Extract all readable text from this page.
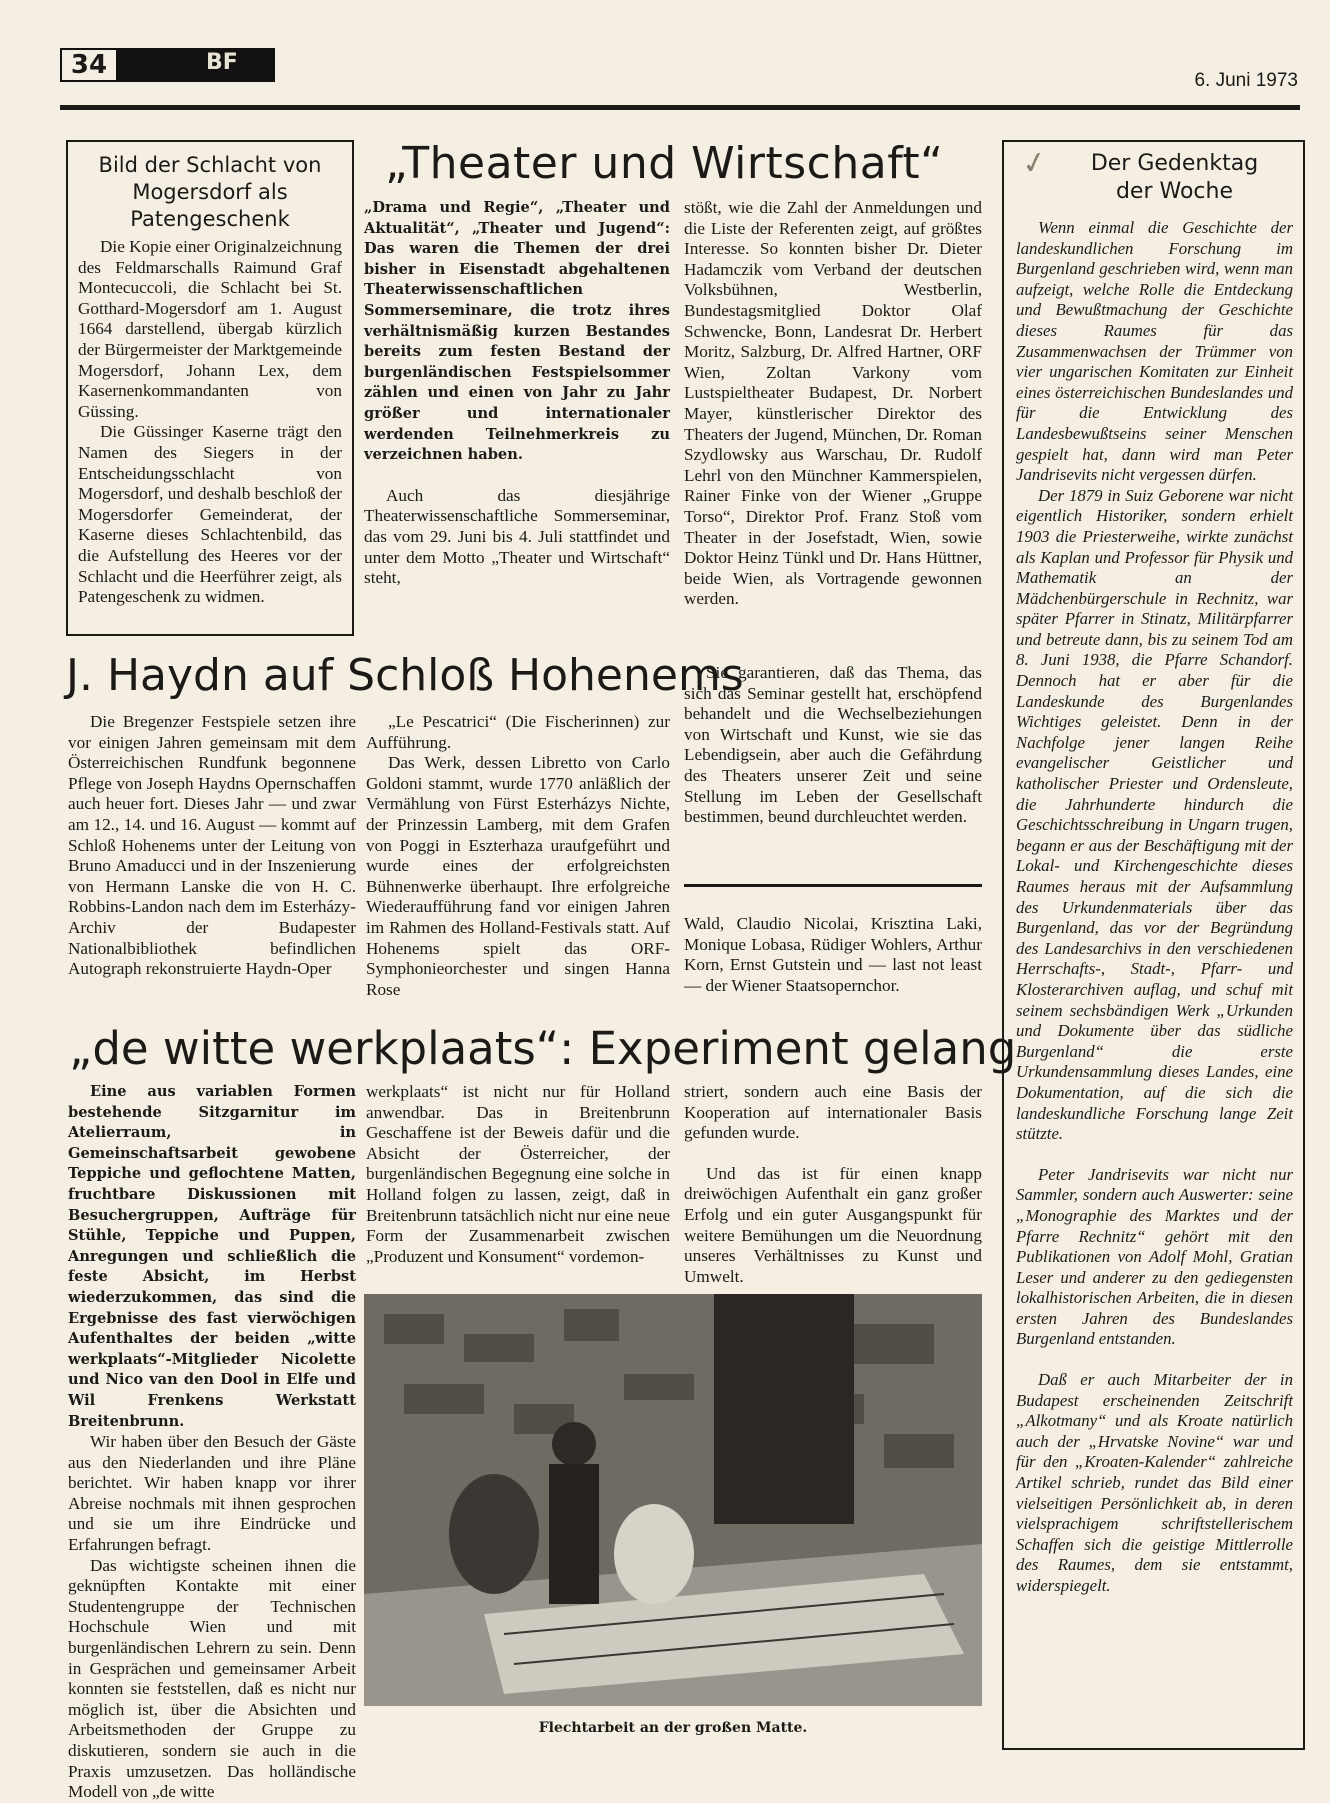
34	BF
6. Juni 1973
Bild der Schlacht von Mogersdorf als Patengeschenk

Die Kopie einer Originalzeichnung des Feldmarschalls Raimund Graf Montecuccoli, die Schlacht bei St. Gotthard-Mogersdorf am 1. August 1664 darstellend, übergab kürzlich der Bürgermeister der Marktgemeinde Mogersdorf, Johann Lex, dem Kasernenkommandanten von Güssing.

Die Güssinger Kaserne trägt den Namen des Siegers in der Entscheidungsschlacht von Mogersdorf, und deshalb beschloß der Mogersdorfer Gemeinderat, der Kaserne dieses Schlachtenbild, das die Aufstellung des Heeres vor der Schlacht und die Heerführer zeigt, als Patengeschenk zu widmen.

„Theater und Wirtschaft“

„Drama und Regie“, „Theater und Aktualität“, „Theater und Jugend“: Das waren die Themen der drei bisher in Eisenstadt abgehaltenen Theaterwissenschaftlichen Sommerseminare, die trotz ihres verhältnismäßig kurzen Bestandes bereits zum festen Bestand der burgenländischen Festspielsommer zählen und einen von Jahr zu Jahr größer und internationaler werdenden Teilnehmerkreis zu verzeichnen haben.

Auch das diesjährige Theaterwissenschaftliche Sommerseminar, das vom 29. Juni bis 4. Juli stattfindet und unter dem Motto „Theater und Wirtschaft“ steht,

stößt, wie die Zahl der Anmeldungen und die Liste der Referenten zeigt, auf größtes Interesse. So konnten bisher Dr. Dieter Hadamczik vom Verband der deutschen Volksbühnen, Westberlin, Bundestagsmitglied Doktor Olaf Schwencke, Bonn, Landesrat Dr. Herbert Moritz, Salzburg, Dr. Alfred Hartner, ORF Wien, Zoltan Varkony vom Lustspieltheater Budapest, Dr. Norbert Mayer, künstlerischer Direktor des Theaters der Jugend, München, Dr. Roman Szydlowsky aus Warschau, Dr. Rudolf Lehrl von den Münchner Kammerspielen, Rainer Finke von der Wiener „Gruppe Torso“, Direktor Prof. Franz Stoß vom Theater in der Josefstadt, Wien, sowie Doktor Heinz Tünkl und Dr. Hans Hüttner, beide Wien, als Vortragende gewonnen werden.

J. Haydn auf Schloß Hohenems

Die Bregenzer Festspiele setzen ihre vor einigen Jahren gemeinsam mit dem Österreichischen Rundfunk begonnene Pflege von Joseph Haydns Opernschaffen auch heuer fort. Dieses Jahr — und zwar am 12., 14. und 16. August — kommt auf Schloß Hohenems unter der Leitung von Bruno Amaducci und in der Inszenierung von Hermann Lanske die von H. C. Robbins-Landon nach dem im Esterházy-Archiv der Budapester Nationalbibliothek befindlichen Autograph rekonstruierte Haydn-Oper

„Le Pescatrici“ (Die Fischerinnen) zur Aufführung.

Das Werk, dessen Libretto von Carlo Goldoni stammt, wurde 1770 anläßlich der Vermählung von Fürst Esterházys Nichte, der Prinzessin Lamberg, mit dem Grafen von Poggi in Eszterhaza uraufgeführt und wurde eines der erfolgreichsten Bühnenwerke überhaupt. Ihre erfolgreiche Wiederaufführung fand vor einigen Jahren im Rahmen des Holland-Festivals statt. Auf Hohenems spielt das ORF-Symphonieorchester und singen Hanna Rose

Sie garantieren, daß das Thema, das sich das Seminar gestellt hat, erschöpfend behandelt und die Wechselbeziehungen von Wirtschaft und Kunst, wie sie das Lebendigsein, aber auch die Gefährdung des Theaters unserer Zeit und seine Stellung im Leben der Gesellschaft bestimmen, beund durchleuchtet werden.

Wald, Claudio Nicolai, Krisztina Laki, Monique Lobasa, Rüdiger Wohlers, Arthur Korn, Ernst Gutstein und — last not least — der Wiener Staatsopernchor.

„de witte werkplaats“: Experiment gelang

Eine aus variablen Formen bestehende Sitzgarnitur im Atelierraum, in Gemeinschaftsarbeit gewobene Teppiche und geflochtene Matten, fruchtbare Diskussionen mit Besuchergruppen, Aufträge für Stühle, Teppiche und Puppen, Anregungen und schließlich die feste Absicht, im Herbst wiederzukommen, das sind die Ergebnisse des fast vierwöchigen Aufenthaltes der beiden „witte werkplaats“-Mitglieder Nicolette und Nico van den Dool in Elfe und Wil Frenkens Werkstatt Breitenbrunn.

Wir haben über den Besuch der Gäste aus den Niederlanden und ihre Pläne berichtet. Wir haben knapp vor ihrer Abreise nochmals mit ihnen gesprochen und sie um ihre Eindrücke und Erfahrungen befragt.

Das wichtigste scheinen ihnen die geknüpften Kontakte mit einer Studentengruppe der Technischen Hochschule Wien und mit burgenländischen Lehrern zu sein. Denn in Gesprächen und gemeinsamer Arbeit konnten sie feststellen, daß es nicht nur möglich ist, über die Absichten und Arbeitsmethoden der Gruppe zu diskutieren, sondern sie auch in die Praxis umzusetzen. Das holländische Modell von „de witte

werkplaats“ ist nicht nur für Holland anwendbar. Das in Breitenbrunn Geschaffene ist der Beweis dafür und die Absicht der Österreicher, der burgenländischen Begegnung eine solche in Holland folgen zu lassen, zeigt, daß in Breitenbrunn tatsächlich nicht nur eine neue Form der Zusammenarbeit zwischen „Produzent und Konsument“ vordemon-

striert, sondern auch eine Basis der Kooperation auf internationaler Basis gefunden wurde.

Und das ist für einen knapp dreiwöchigen Aufenthalt ein ganz großer Erfolg und ein guter Ausgangspunkt für weitere Bemühungen um die Neuordnung unseres Verhältnisses zu Kunst und Umwelt.

Flechtarbeit an der großen Matte.
✓	Der Gedenktag
der Woche

Wenn einmal die Geschichte der landeskundlichen Forschung im Burgenland geschrieben wird, wenn man aufzeigt, welche Rolle die Entdeckung und Bewußtmachung der Geschichte dieses Raumes für das Zusammenwachsen der Trümmer von vier ungarischen Komitaten zur Einheit eines österreichischen Bundeslandes und für die Entwicklung des Landesbewußtseins seiner Menschen gespielt hat, dann wird man Peter Jandrisevits nicht vergessen dürfen.

Der 1879 in Suiz Geborene war nicht eigentlich Historiker, sondern erhielt 1903 die Priesterweihe, wirkte zunächst als Kaplan und Professor für Physik und Mathematik an der Mädchenbürgerschule in Rechnitz, war später Pfarrer in Stinatz, Militärpfarrer und betreute dann, bis zu seinem Tod am 8. Juni 1938, die Pfarre Schandorf. Dennoch hat er aber für die Landeskunde des Burgenlandes Wichtiges geleistet. Denn in der Nachfolge jener langen Reihe evangelischer Geistlicher und katholischer Priester und Ordensleute, die Jahrhunderte hindurch die Geschichtsschreibung in Ungarn trugen, begann er aus der Beschäftigung mit der Lokal- und Kirchengeschichte dieses Raumes heraus mit der Aufsammlung des Urkundenmaterials über das Burgenland, das vor der Begründung des Landesarchivs in den verschiedenen Herrschafts-, Stadt-, Pfarr- und Klosterarchiven auflag, und schuf mit seinem sechsbändigen Werk „Urkunden und Dokumente über das südliche Burgenland“ die erste Urkundensammlung dieses Landes, eine Dokumentation, auf die sich die landeskundliche Forschung lange Zeit stützte.

Peter Jandrisevits war nicht nur Sammler, sondern auch Auswerter: seine „Monographie des Marktes und der Pfarre Rechnitz“ gehört mit den Publikationen von Adolf Mohl, Gratian Leser und anderer zu den gediegensten lokalhistorischen Arbeiten, die in diesen ersten Jahren des Bundeslandes Burgenland entstanden.

Daß er auch Mitarbeiter der in Budapest erscheinenden Zeitschrift „Alkotmany“ und als Kroate natürlich auch der „Hrvatske Novine“ war und für den „Kroaten-Kalender“ zahlreiche Artikel schrieb, rundet das Bild einer vielseitigen Persönlichkeit ab, in deren vielsprachigem schriftstellerischem Schaffen sich die geistige Mittlerrolle des Raumes, dem sie entstammt, widerspiegelt.
